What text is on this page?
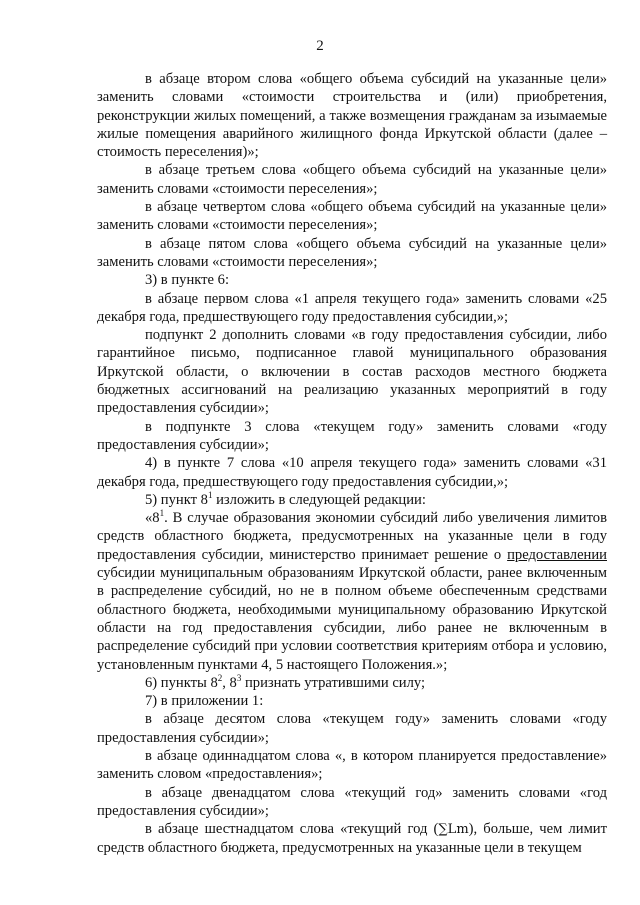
2

в абзаце втором слова «общего объема субсидий на указанные цели» заменить словами «стоимости строительства и (или) приобретения, реконструкции жилых помещений, а также возмещения гражданам за изымаемые жилые помещения аварийного жилищного фонда Иркутской области (далее – стоимость переселения)»;

в абзаце третьем слова «общего объема субсидий на указанные цели» заменить словами «стоимости переселения»;

в абзаце четвертом слова «общего объема субсидий на указанные цели» заменить словами «стоимости переселения»;

в абзаце пятом слова «общего объема субсидий на указанные цели» заменить словами «стоимости переселения»;

3) в пункте 6:

в абзаце первом слова «1 апреля текущего года» заменить словами «25 декабря года, предшествующего году предоставления субсидии,»;

подпункт 2 дополнить словами «в году предоставления субсидии, либо гарантийное письмо, подписанное главой муниципального образования Иркутской области, о включении в состав расходов местного бюджета бюджетных ассигнований на реализацию указанных мероприятий в году предоставления субсидии»;

в подпункте 3 слова «текущем году» заменить словами «году предоставления субсидии»;

4) в пункте 7 слова «10 апреля текущего года» заменить словами «31 декабря года, предшествующего году предоставления субсидии,»;

5) пункт $8^1$ изложить в следующей редакции:

«$8^1$. В случае образования экономии субсидий либо увеличения лимитов средств областного бюджета, предусмотренных на указанные цели в году предоставления субсидии, министерство принимает решение о предоставлении субсидии муниципальным образованиям Иркутской области, ранее включенным в распределение субсидий, но не в полном объеме обеспеченным средствами областного бюджета, необходимыми муниципальному образованию Иркутской области на год предоставления субсидии, либо ранее не включенным в распределение субсидий при условии соответствия критериям отбора и условию, установленным пунктами 4, 5 настоящего Положения.»;

6) пункты $8^2$, $8^3$ признать утратившими силу;

7) в приложении 1:

в абзаце десятом слова «текущем году» заменить словами «году предоставления субсидии»;

в абзаце одиннадцатом слова «, в котором планируется предоставление» заменить словом «предоставления»;

в абзаце двенадцатом слова «текущий год» заменить словами «год предоставления субсидии»;

в абзаце шестнадцатом слова «текущий год (∑Lm), больше, чем лимит средств областного бюджета, предусмотренных на указанные цели в текущем
